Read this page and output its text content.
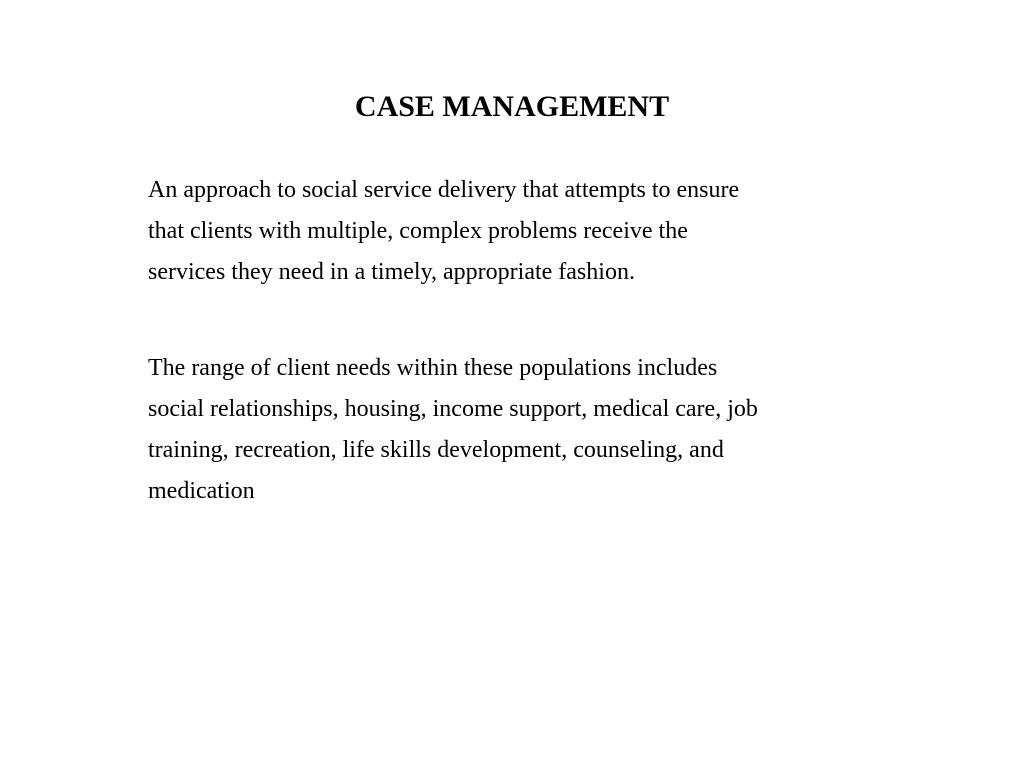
CASE MANAGEMENT

An approach to social service delivery that attempts to ensure
that clients with multiple, complex problems receive the
services they need in a timely, appropriate fashion.

The range of client needs within these populations includes
social relationships, housing, income support, medical care, job
training, recreation, life skills development, counseling, and
medication
